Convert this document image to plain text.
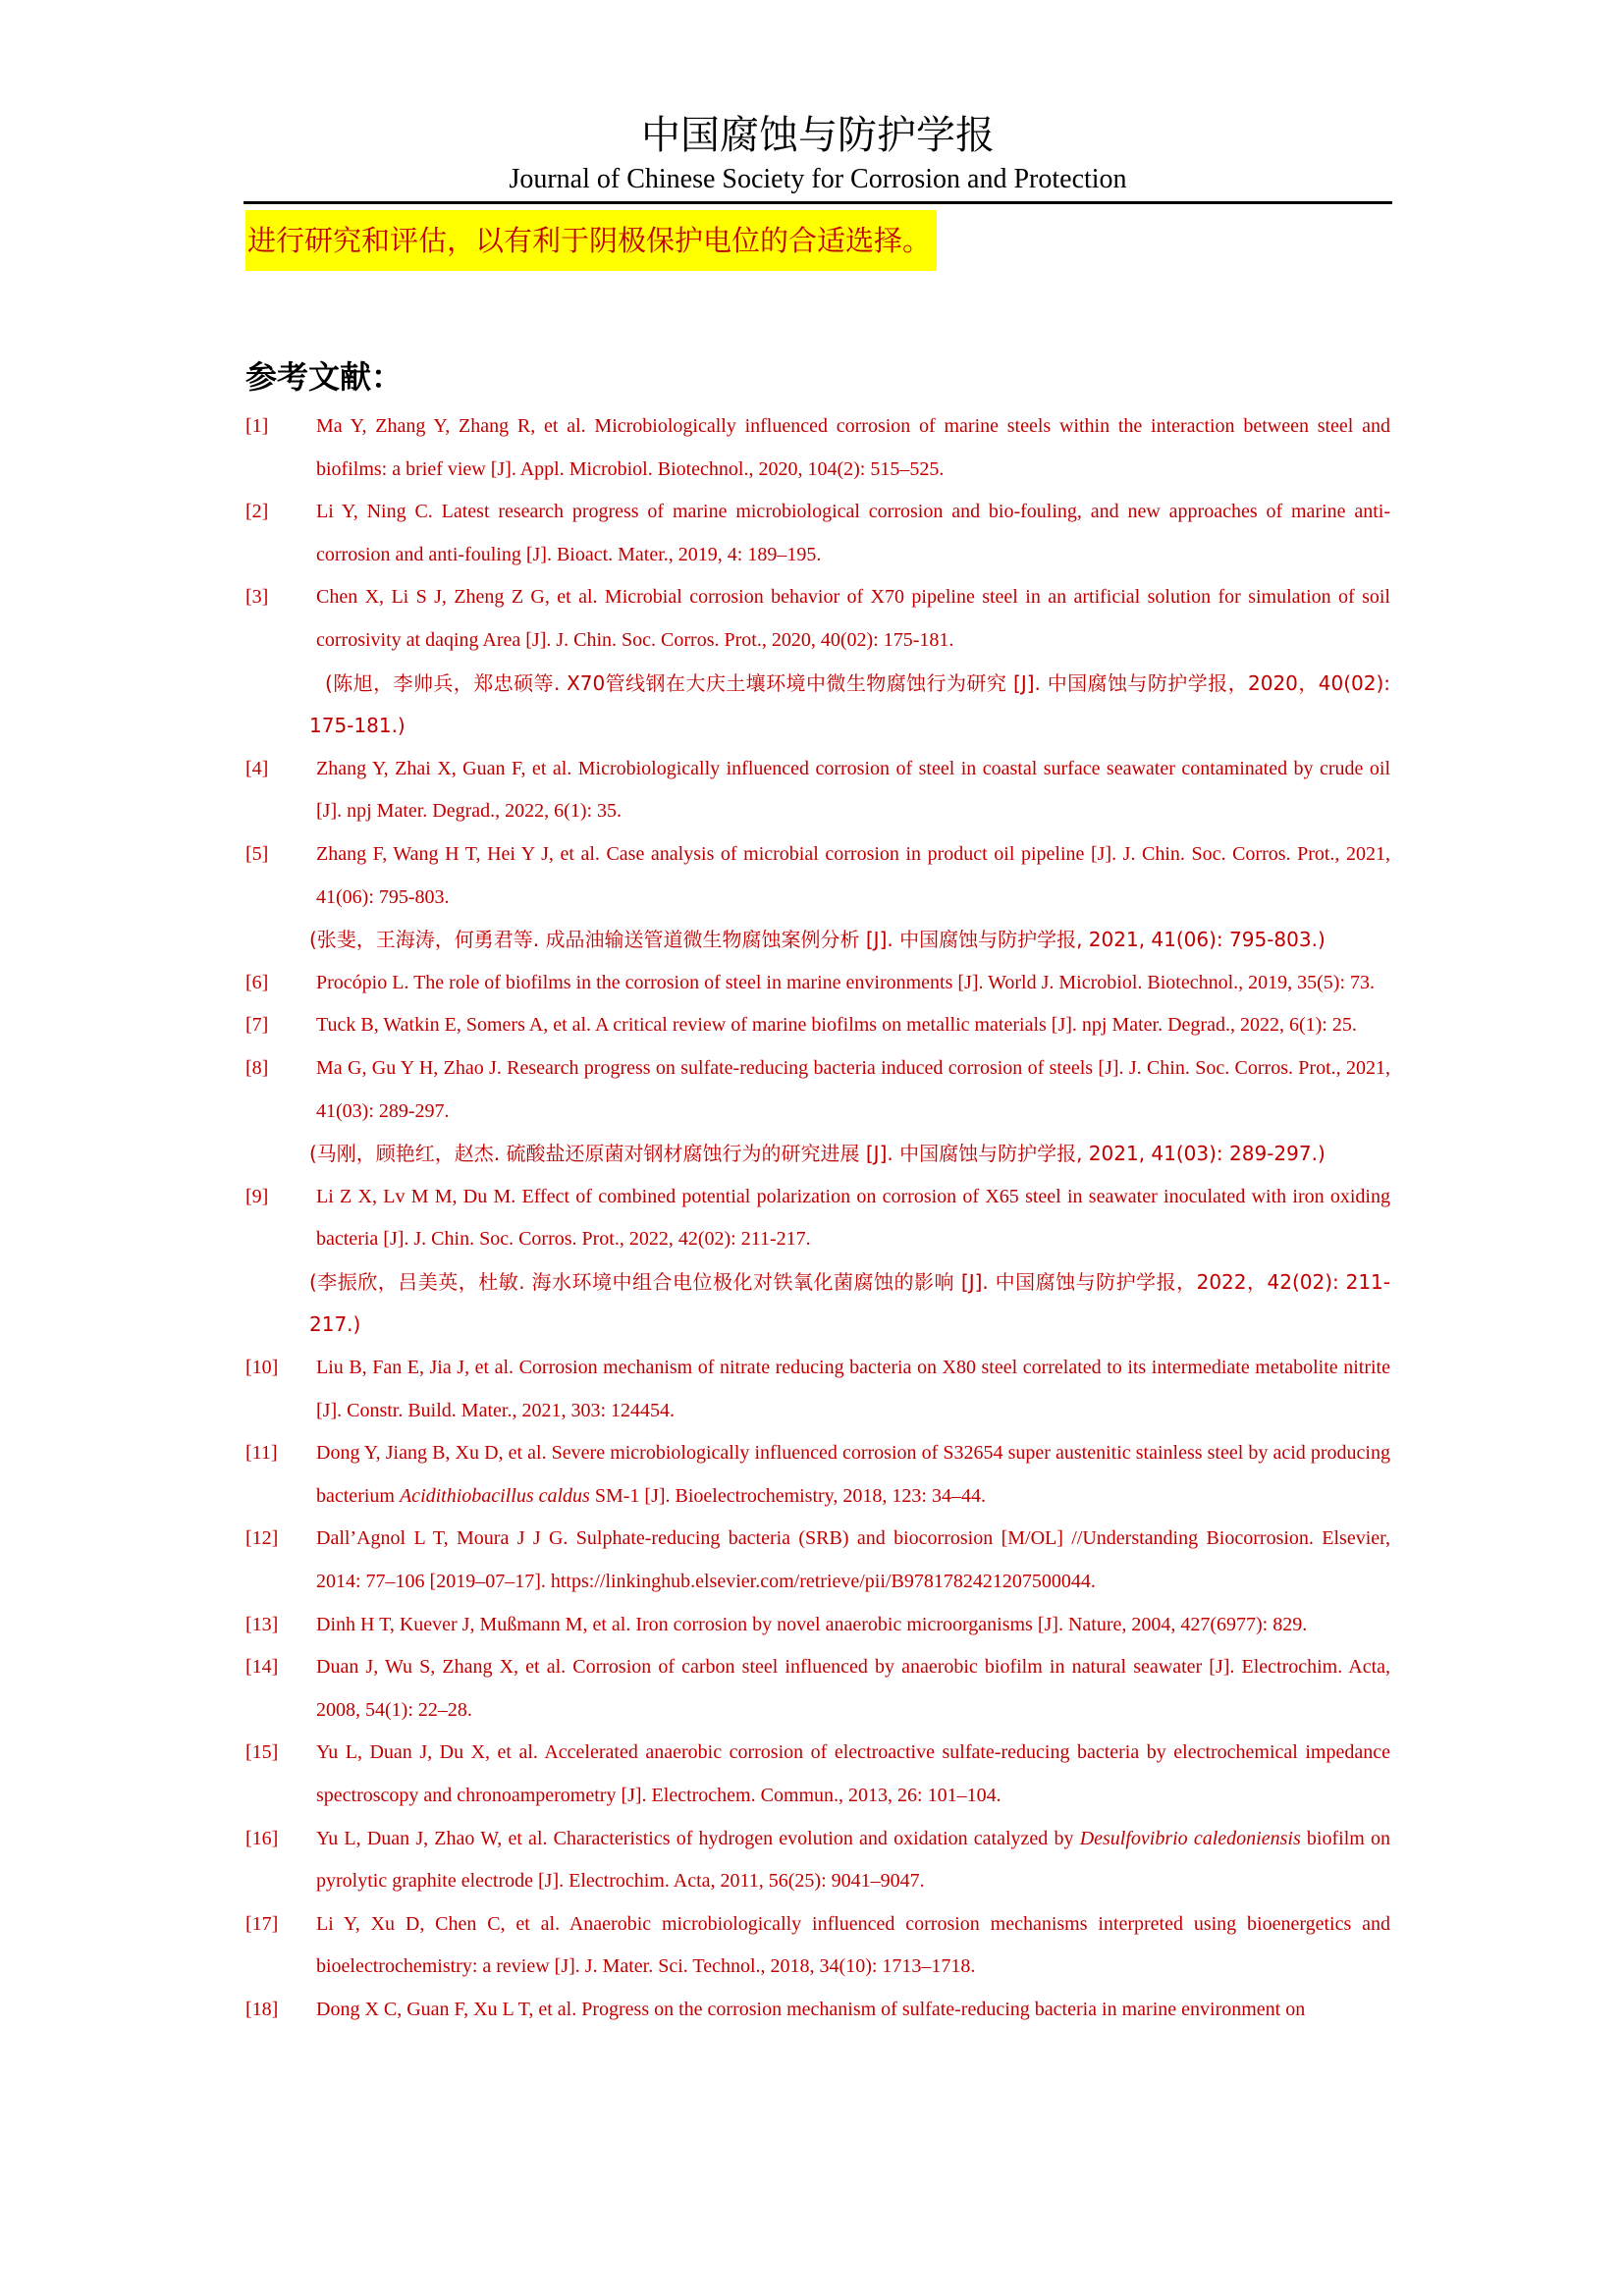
中国腐蚀与防护学报
Journal of Chinese Society for Corrosion and Protection
进行研究和评估，以有利于阴极保护电位的合适选择。
参考文献：
[1]	Ma Y, Zhang Y, Zhang R, et al. Microbiologically influenced corrosion of marine steels within the interaction between steel and biofilms: a brief view [J]. Appl. Microbiol. Biotechnol., 2020, 104(2): 515–525.
[2]	Li Y, Ning C. Latest research progress of marine microbiological corrosion and bio-fouling, and new approaches of marine anti-corrosion and anti-fouling [J]. Bioact. Mater., 2019, 4: 189–195.
[3]	Chen X, Li S J, Zheng Z G, et al. Microbial corrosion behavior of X70 pipeline steel in an artificial solution for simulation of soil corrosivity at daqing Area [J]. J. Chin. Soc. Corros. Prot., 2020, 40(02): 175-181.
(陈旭，李帅兵，郑忠硕等. X70管线钢在大庆土壤环境中微生物腐蚀行为研究 [J]. 中国腐蚀与防护学报，2020，40(02): 175-181.)
[4]	Zhang Y, Zhai X, Guan F, et al. Microbiologically influenced corrosion of steel in coastal surface seawater contaminated by crude oil [J]. npj Mater. Degrad., 2022, 6(1): 35.
[5]	Zhang F, Wang H T, Hei Y J, et al. Case analysis of microbial corrosion in product oil pipeline [J]. J. Chin. Soc. Corros. Prot., 2021, 41(06): 795-803.
(张斐，王海涛，何勇君等. 成品油输送管道微生物腐蚀案例分析 [J]. 中国腐蚀与防护学报, 2021, 41(06): 795-803.)
[6]	Procópio L. The role of biofilms in the corrosion of steel in marine environments [J]. World J. Microbiol. Biotechnol., 2019, 35(5): 73.
[7]	Tuck B, Watkin E, Somers A, et al. A critical review of marine biofilms on metallic materials [J]. npj Mater. Degrad., 2022, 6(1): 25.
[8]	Ma G, Gu Y H, Zhao J. Research progress on sulfate-reducing bacteria induced corrosion of steels [J]. J. Chin. Soc. Corros. Prot., 2021, 41(03): 289-297.
(马刚，顾艳红，赵杰. 硫酸盐还原菌对钢材腐蚀行为的研究进展 [J]. 中国腐蚀与防护学报, 2021, 41(03): 289-297.)
[9]	Li Z X, Lv M M, Du M. Effect of combined potential polarization on corrosion of X65 steel in seawater inoculated with iron oxiding bacteria [J]. J. Chin. Soc. Corros. Prot., 2022, 42(02): 211-217.
(李振欣，吕美英，杜敏. 海水环境中组合电位极化对铁氧化菌腐蚀的影响 [J]. 中国腐蚀与防护学报，2022，42(02): 211-217.)
[10]	Liu B, Fan E, Jia J, et al. Corrosion mechanism of nitrate reducing bacteria on X80 steel correlated to its intermediate metabolite nitrite [J]. Constr. Build. Mater., 2021, 303: 124454.
[11]	Dong Y, Jiang B, Xu D, et al. Severe microbiologically influenced corrosion of S32654 super austenitic stainless steel by acid producing bacterium Acidithiobacillus caldus SM-1 [J]. Bioelectrochemistry, 2018, 123: 34–44.
[12]	Dall’Agnol L T, Moura J J G. Sulphate-reducing bacteria (SRB) and biocorrosion [M/OL] //Understanding Biocorrosion. Elsevier, 2014: 77–106 [2019–07–17]. https://linkinghub.elsevier.com/retrieve/pii/B9781782421207500044.
[13]	Dinh H T, Kuever J, Mußmann M, et al. Iron corrosion by novel anaerobic microorganisms [J]. Nature, 2004, 427(6977): 829.
[14]	Duan J, Wu S, Zhang X, et al. Corrosion of carbon steel influenced by anaerobic biofilm in natural seawater [J]. Electrochim. Acta, 2008, 54(1): 22–28.
[15]	Yu L, Duan J, Du X, et al. Accelerated anaerobic corrosion of electroactive sulfate-reducing bacteria by electrochemical impedance spectroscopy and chronoamperometry [J]. Electrochem. Commun., 2013, 26: 101–104.
[16]	Yu L, Duan J, Zhao W, et al. Characteristics of hydrogen evolution and oxidation catalyzed by Desulfovibrio caledoniensis biofilm on pyrolytic graphite electrode [J]. Electrochim. Acta, 2011, 56(25): 9041–9047.
[17]	Li Y, Xu D, Chen C, et al. Anaerobic microbiologically influenced corrosion mechanisms interpreted using bioenergetics and bioelectrochemistry: a review [J]. J. Mater. Sci. Technol., 2018, 34(10): 1713–1718.
[18]	Dong X C, Guan F, Xu L T, et al. Progress on the corrosion mechanism of sulfate-reducing bacteria in marine environment on
